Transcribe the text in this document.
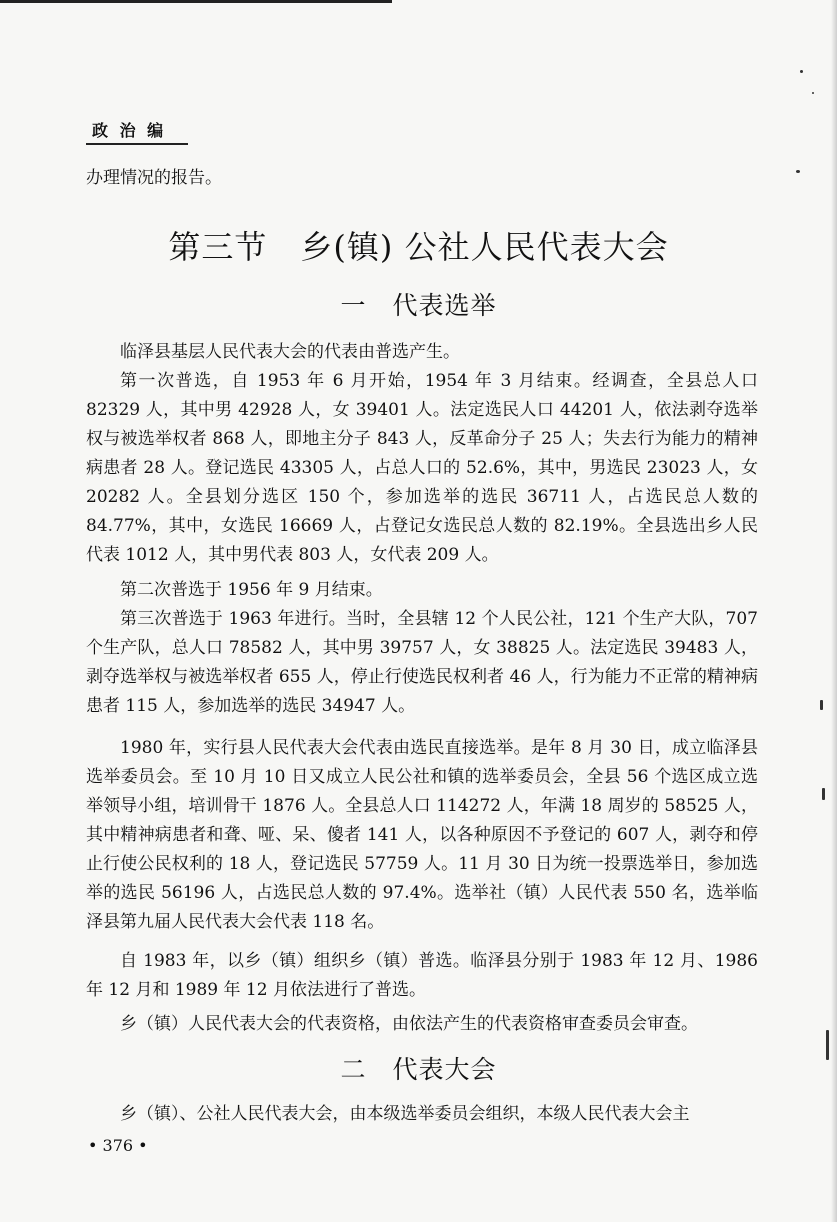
政 治 编

办理情况的报告。

第三节　乡(镇) 公社人民代表大会
一　代表选举

临泽县基层人民代表大会的代表由普选产生。

第一次普选，自 1953 年 6 月开始，1954 年 3 月结束。经调查，全县总人口 82329 人，其中男 42928 人，女 39401 人。法定选民人口 44201 人，依法剥夺选举权与被选举权者 868 人，即地主分子 843 人，反革命分子 25 人；失去行为能力的精神病患者 28 人。登记选民 43305 人，占总人口的 52.6%，其中，男选民 23023 人，女 20282 人。全县划分选区 150 个，参加选举的选民 36711 人，占选民总人数的 84.77%，其中，女选民 16669 人，占登记女选民总人数的 82.19%。全县选出乡人民代表 1012 人，其中男代表 803 人，女代表 209 人。

第二次普选于 1956 年 9 月结束。

第三次普选于 1963 年进行。当时，全县辖 12 个人民公社，121 个生产大队，707 个生产队，总人口 78582 人，其中男 39757 人，女 38825 人。法定选民 39483 人，剥夺选举权与被选举权者 655 人，停止行使选民权利者 46 人，行为能力不正常的精神病患者 115 人，参加选举的选民 34947 人。

1980 年，实行县人民代表大会代表由选民直接选举。是年 8 月 30 日，成立临泽县选举委员会。至 10 月 10 日又成立人民公社和镇的选举委员会，全县 56 个选区成立选举领导小组，培训骨干 1876 人。全县总人口 114272 人，年满 18 周岁的 58525 人，其中精神病患者和聋、哑、呆、傻者 141 人，以各种原因不予登记的 607 人，剥夺和停止行使公民权利的 18 人，登记选民 57759 人。11 月 30 日为统一投票选举日，参加选举的选民 56196 人，占选民总人数的 97.4%。选举社（镇）人民代表 550 名，选举临泽县第九届人民代表大会代表 118 名。

自 1983 年，以乡（镇）组织乡（镇）普选。临泽县分别于 1983 年 12 月、1986 年 12 月和 1989 年 12 月依法进行了普选。

乡（镇）人民代表大会的代表资格，由依法产生的代表资格审查委员会审查。

二　代表大会

乡（镇）、公社人民代表大会，由本级选举委员会组织，本级人民代表大会主

• 376 •
